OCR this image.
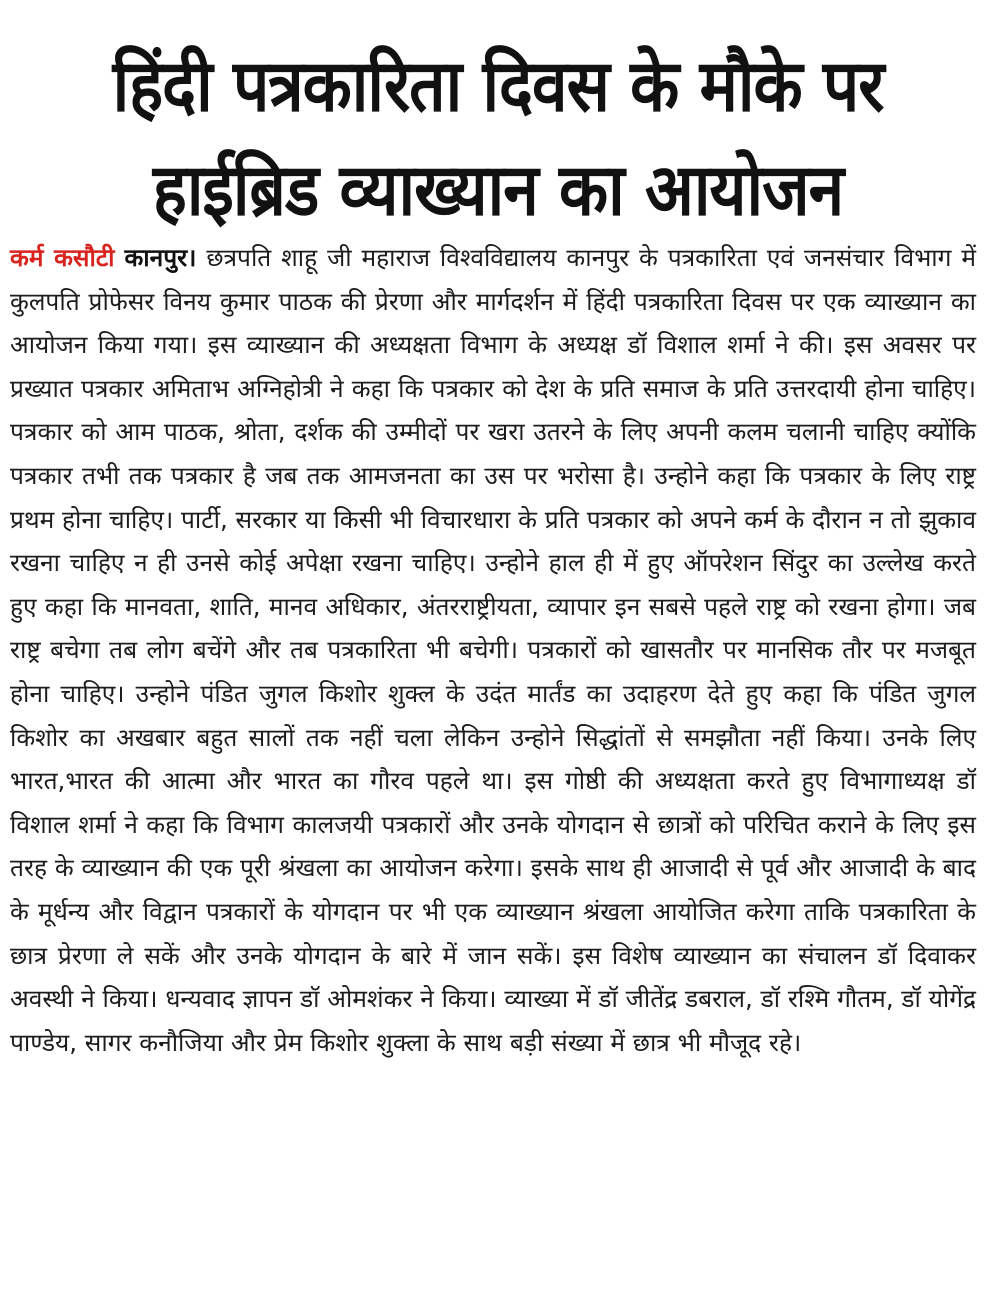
हिंदी पत्रकारिता दिवस के मौके पर
हाईब्रिड व्याख्यान का आयोजन

कर्म कसौटी कानपुर। छत्रपति शाहू जी महाराज विश्वविद्यालय कानपुर के पत्रकारिता एवं जनसंचार विभाग में कुलपति प्रोफेसर विनय कुमार पाठक की प्रेरणा और मार्गदर्शन में हिंदी पत्रकारिता दिवस पर एक व्याख्यान का आयोजन किया गया। इस व्याख्यान की अध्यक्षता विभाग के अध्यक्ष डॉ विशाल शर्मा ने की। इस अवसर पर प्रख्यात पत्रकार अमिताभ अग्निहोत्री ने कहा कि पत्रकार को देश के प्रति समाज के प्रति उत्तरदायी होना चाहिए। पत्रकार को आम पाठक, श्रोता, दर्शक की उम्मीदों पर खरा उतरने के लिए अपनी कलम चलानी चाहिए क्योंकि पत्रकार तभी तक पत्रकार है जब तक आमजनता का उस पर भरोसा है। उन्होने कहा कि पत्रकार के लिए राष्ट्र प्रथम होना चाहिए। पार्टी, सरकार या किसी भी विचारधारा के प्रति पत्रकार को अपने कर्म के दौरान न तो झुकाव रखना चाहिए न ही उनसे कोई अपेक्षा रखना चाहिए। उन्होने हाल ही में हुए ऑपरेशन सिंदुर का उल्लेख करते हुए कहा कि मानवता, शाति, मानव अधिकार, अंतरराष्ट्रीयता, व्यापार इन सबसे पहले राष्ट्र को रखना होगा। जब राष्ट्र बचेगा तब लोग बचेंगे और तब पत्रकारिता भी बचेगी। पत्रकारों को खासतौर पर मानसिक तौर पर मजबूत होना चाहिए। उन्होने पंडित जुगल किशोर शुक्ल के उदंत मार्तंड का उदाहरण देते हुए कहा कि पंडित जुगल किशोर का अखबार बहुत सालों तक नहीं चला लेकिन उन्होने सिद्धांतों से समझौता नहीं किया। उनके लिए भारत,भारत की आत्मा और भारत का गौरव पहले था। इस गोष्ठी की अध्यक्षता करते हुए विभागाध्यक्ष डॉ विशाल शर्मा ने कहा कि विभाग कालजयी पत्रकारों और उनके योगदान से छात्रों को परिचित कराने के लिए इस तरह के व्याख्यान की एक पूरी श्रंखला का आयोजन करेगा। इसके साथ ही आजादी से पूर्व और आजादी के बाद के मूर्धन्य और विद्वान पत्रकारों के योगदान पर भी एक व्याख्यान श्रंखला आयोजित करेगा ताकि पत्रकारिता के छात्र प्रेरणा ले सकें और उनके योगदान के बारे में जान सकें। इस विशेष व्याख्यान का संचालन डॉ दिवाकर अवस्थी ने किया। धन्यवाद ज्ञापन डॉ ओमशंकर ने किया। व्याख्या में डॉ जीतेंद्र डबराल, डॉ रश्मि गौतम, डॉ योगेंद्र पाण्डेय, सागर कनौजिया और प्रेम किशोर शुक्ला के साथ बड़ी संख्या में छात्र भी मौजूद रहे।
